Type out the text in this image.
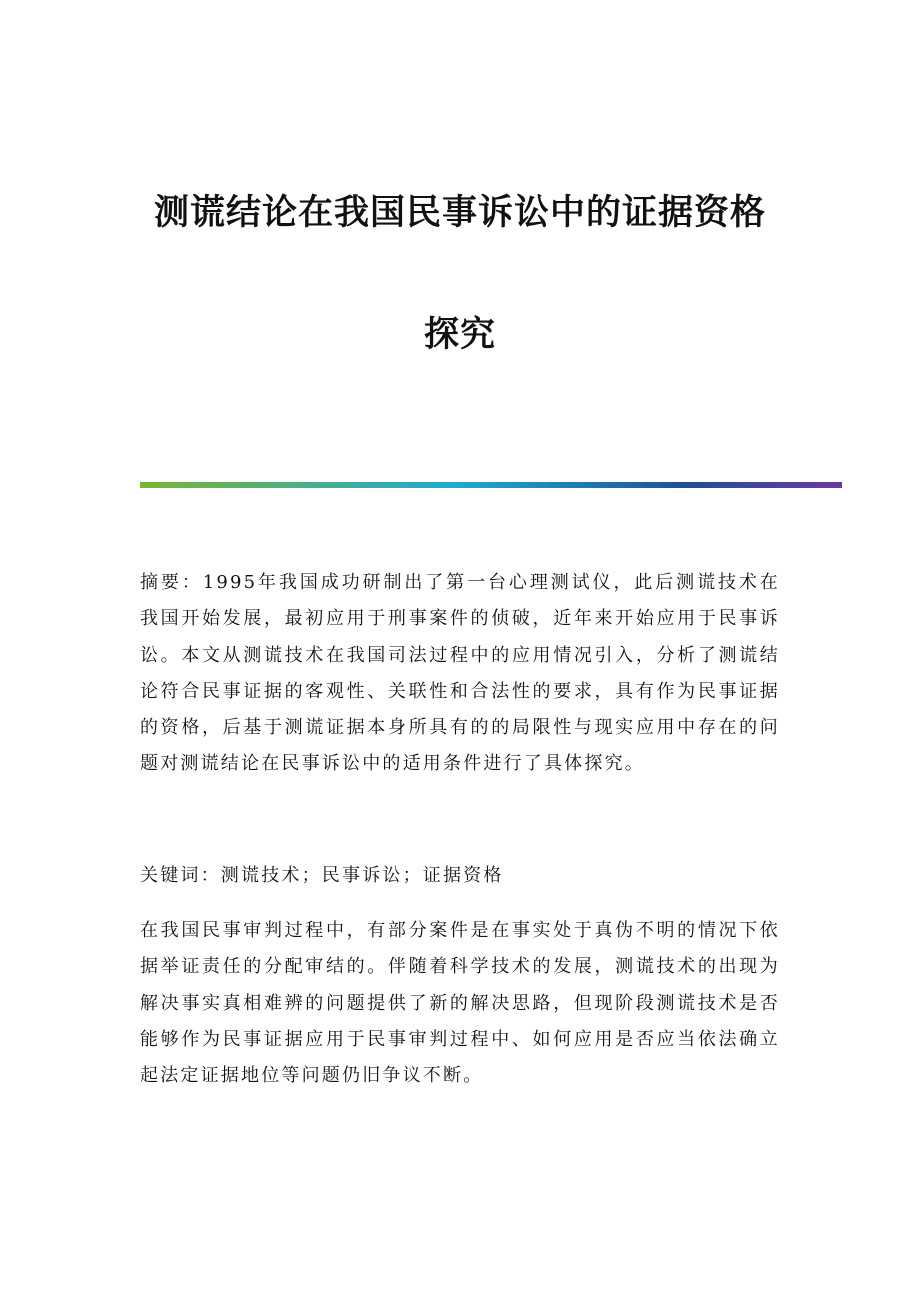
测谎结论在我国民事诉讼中的证据资格
探究

摘要：1995年我国成功研制出了第一台心理测试仪，此后测谎技术在我国开始发展，最初应用于刑事案件的侦破，近年来开始应用于民事诉讼。本文从测谎技术在我国司法过程中的应用情况引入，分析了测谎结论符合民事证据的客观性、关联性和合法性的要求，具有作为民事证据的资格，后基于测谎证据本身所具有的的局限性与现实应用中存在的问题对测谎结论在民事诉讼中的适用条件进行了具体探究。

关键词：测谎技术；民事诉讼；证据资格

在我国民事审判过程中，有部分案件是在事实处于真伪不明的情况下依据举证责任的分配审结的。伴随着科学技术的发展，测谎技术的出现为解决事实真相难辨的问题提供了新的解决思路，但现阶段测谎技术是否能够作为民事证据应用于民事审判过程中、如何应用是否应当依法确立起法定证据地位等问题仍旧争议不断。
